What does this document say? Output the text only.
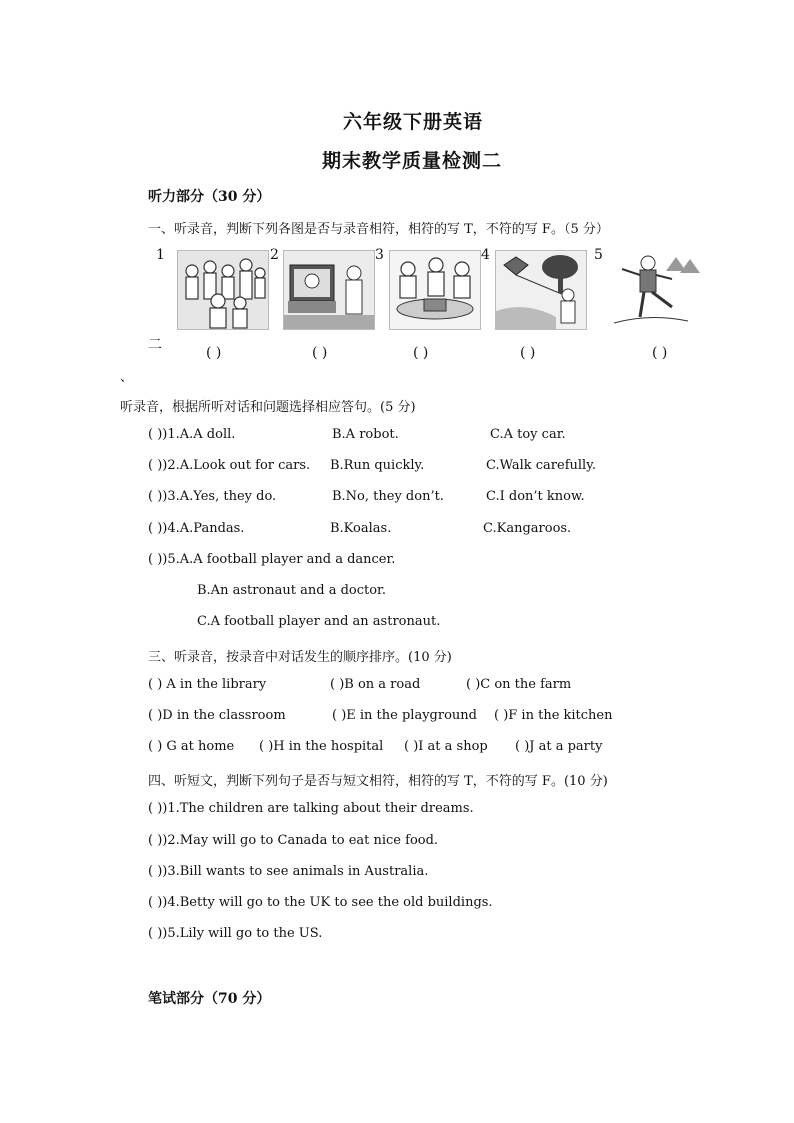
六年级下册英语
期末教学质量检测二
听力部分（30 分）
一、听录音，判断下列各图是否与录音相符，相符的写 T，不符的写 F。（5 分）
1	2	3	4	5
( )	( )	( )	( )	( )
二
、
听录音，根据所听对话和问题选择相应答句。(5 分)
( ))1.A.A doll.	B.A robot.	C.A toy car.
( ))2.A.Look out for cars. B.Run quickly.	C.Walk carefully.
( ))3.A.Yes, they do.	B.No, they don’t.	C.I don’t know.
( ))4.A.Pandas.	B.Koalas.	C.Kangaroos.
( ))5.A.A football player and a dancer.
B.An astronaut and a doctor.
C.A football player and an astronaut.
三、听录音，按录音中对话发生的顺序排序。(10 分)
( ) A in the library	( )B on a road	( )C on the farm
( )D in the classroom	( )E in the playground ( )F in the kitchen
( ) G at home ( )H in the hospital ( )I at a shop ( )J at a party
四、听短文，判断下列句子是否与短文相符，相符的写 T，不符的写 F。(10 分)
( ))1.The children are talking about their dreams.
( ))2.May will go to Canada to eat nice food.
( ))3.Bill wants to see animals in Australia.
( ))4.Betty will go to the UK to see the old buildings.
( ))5.Lily will go to the US.
笔试部分（70 分）
